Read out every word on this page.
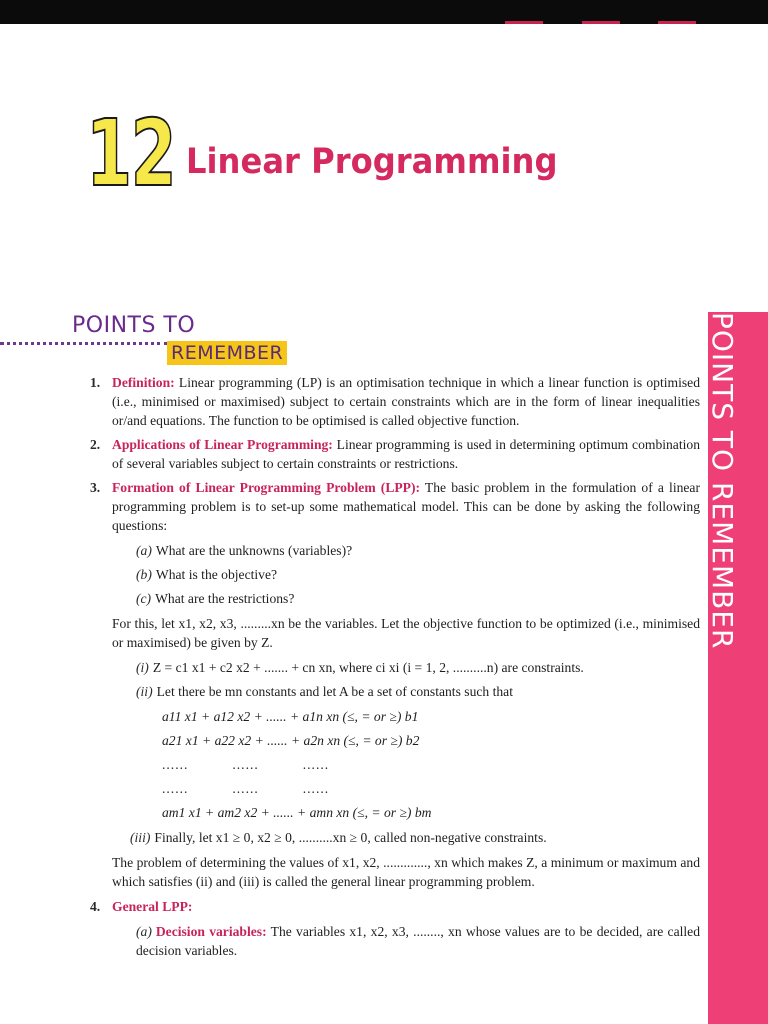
12 Linear Programming
POINTS TO
REMEMBER	POINTS TO REMEMBER
1. Definition: Linear programming (LP) is an optimisation technique in which a linear function is optimised (i.e., minimised or maximised) subject to certain constraints which are in the form of linear inequalities or/and equations. The function to be optimised is called objective function.
2. Applications of Linear Programming: Linear programming is used in determining optimum combination of several variables subject to certain constraints or restrictions.
3. Formation of Linear Programming Problem (LPP): The basic problem in the formulation of a linear programming problem is to set-up some mathematical model. This can be done by asking the following questions:
(a) What are the unknowns (variables)?
(b) What is the objective?
(c) What are the restrictions?
For this, let x1, x2, x3, .........xn be the variables. Let the objective function to be optimized (i.e., minimised or maximised) be given by Z.
(i) Z = c1 x1 + c2 x2 + ....... + cn xn, where ci xi (i = 1, 2, ..........n) are constraints.
(ii) Let there be mn constants and let A be a set of constants such that
a11 x1 + a12 x2 + ...... + a1n xn (≤, = or ≥) b1
a21 x1 + a22 x2 + ...... + a2n xn (≤, = or ≥) b2
......          ......          ......
......          ......          ......
am1 x1 + am2 x2 + ...... + amn xn (≤, = or ≥) bm
(iii) Finally, let x1 ≥ 0, x2 ≥ 0, ..........xn ≥ 0, called non-negative constraints.
The problem of determining the values of x1, x2, ............., xn which makes Z, a minimum or maximum and which satisfies (ii) and (iii) is called the general linear programming problem.
4. General LPP:
(a) Decision variables: The variables x1, x2, x3, ........, xn whose values are to be decided, are called decision variables.
